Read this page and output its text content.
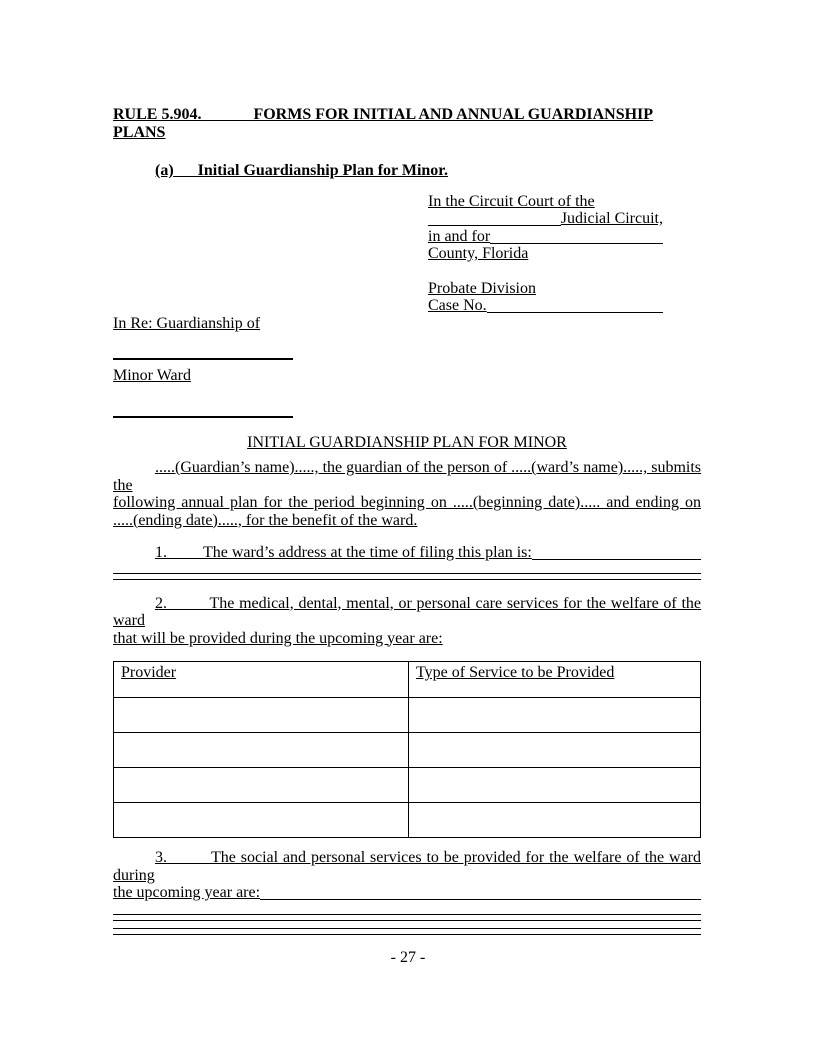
RULE 5.904.	FORMS FOR INITIAL AND ANNUAL GUARDIANSHIP PLANS
(a) Initial Guardianship Plan for Minor.
In the Circuit Court of the
Judicial Circuit,
in and for
County, Florida
Probate Division
Case No.
In Re: Guardianship of
Minor Ward
INITIAL GUARDIANSHIP PLAN FOR MINOR
.....(Guardian’s name)....., the guardian of the person of .....(ward’s name)....., submits the
following annual plan for the period beginning on .....(beginning date)..... and ending on
.....(ending date)....., for the benefit of the ward.
1. The ward’s address at the time of filing this plan is:
2.	The medical, dental, mental, or personal care services for the welfare of the ward
that will be provided during the upcoming year are:
Provider	Type of Service to be Provided

3.	The social and personal services to be provided for the welfare of the ward during
the upcoming year are:
- 27 -
